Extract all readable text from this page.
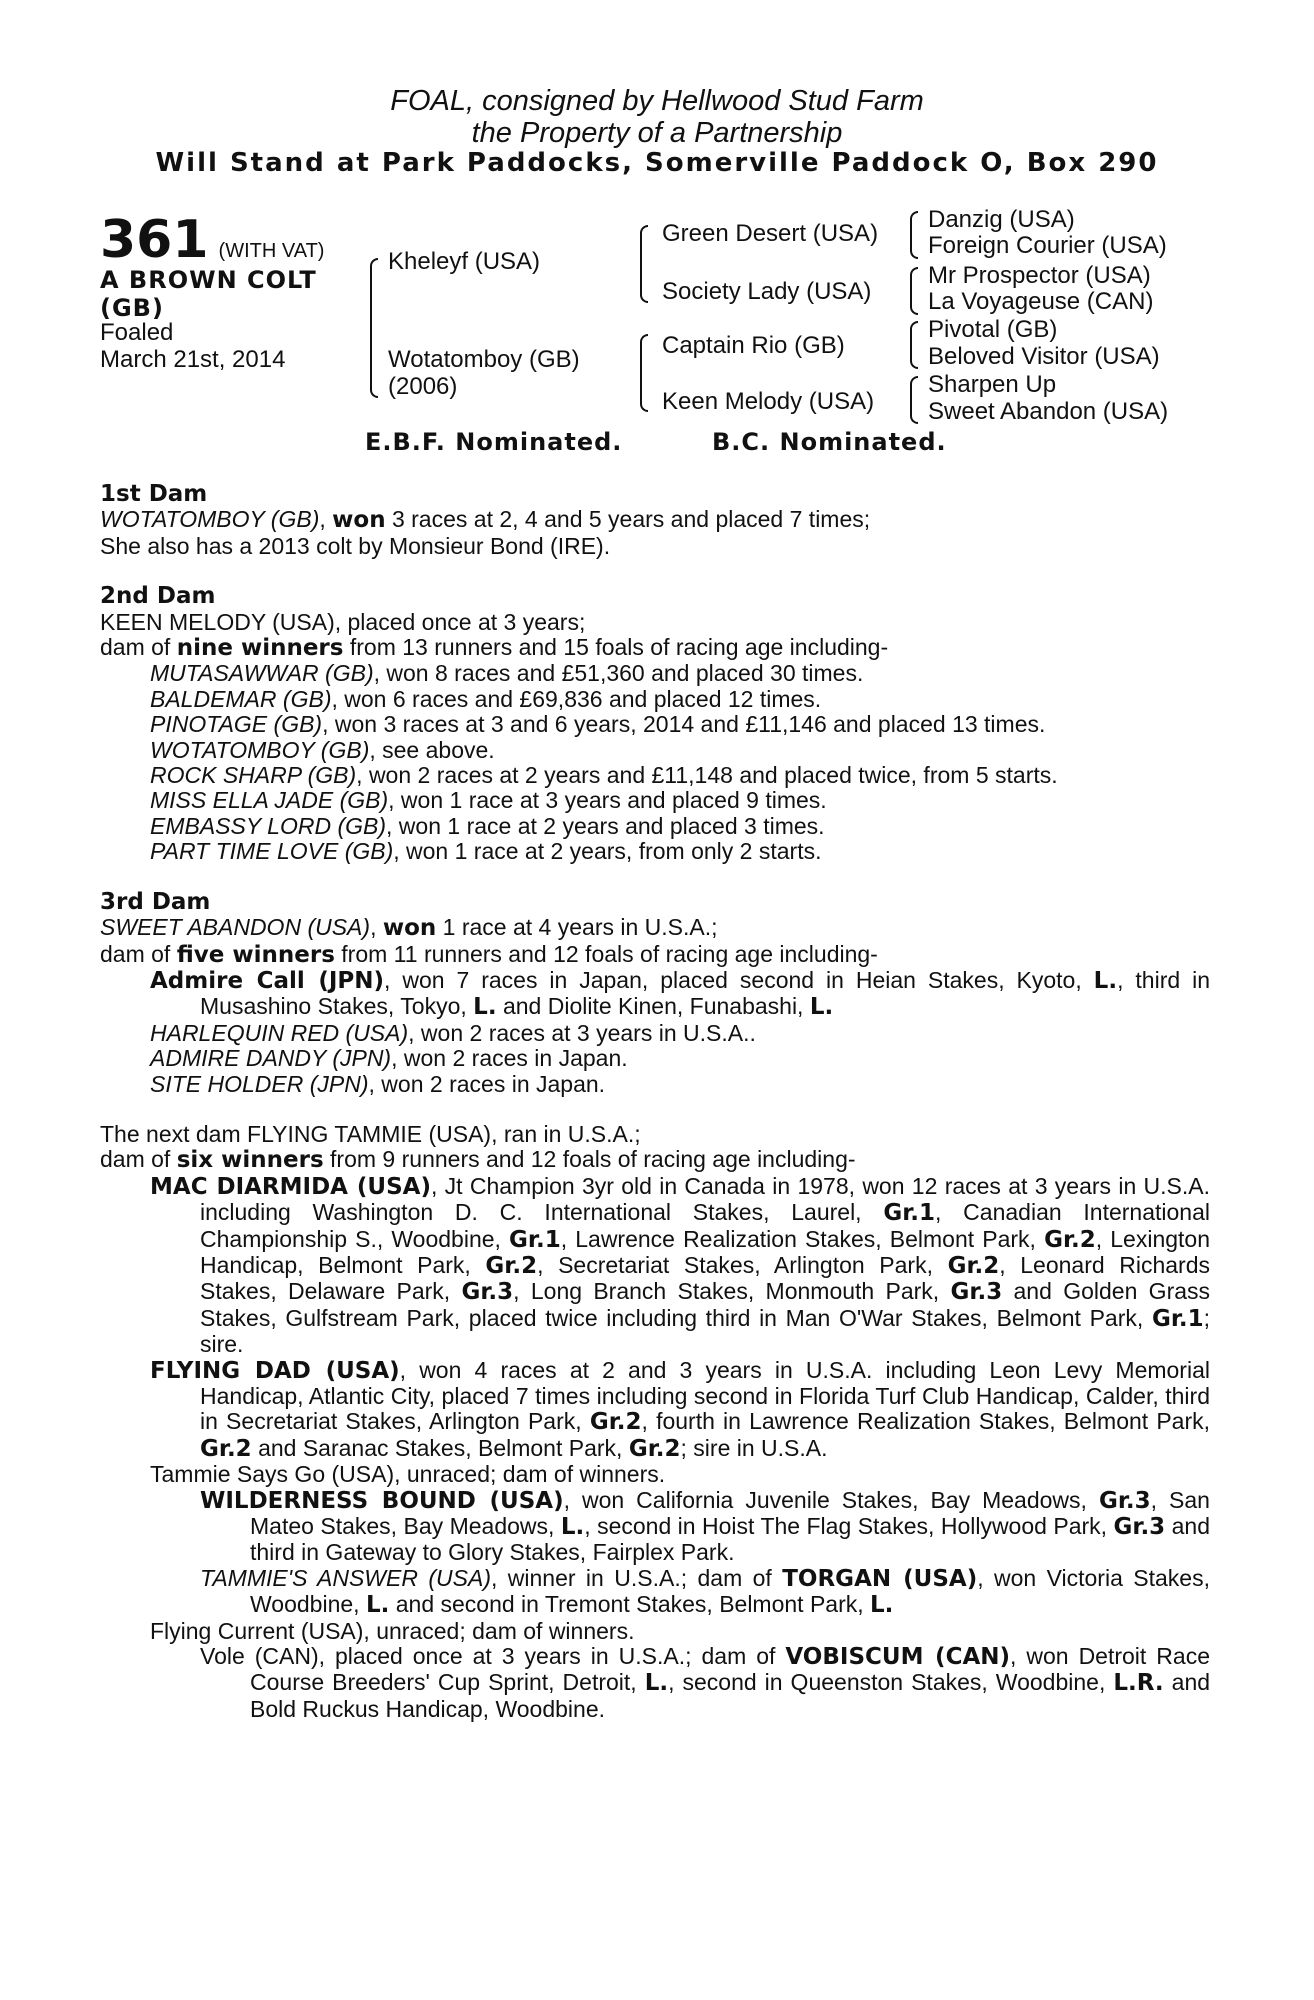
FOAL, consigned by Hellwood Stud Farm
the Property of a Partnership
Will Stand at Park Paddocks, Somerville Paddock O, Box 290
361 (WITH VAT)
A BROWN COLT
(GB)
Foaled
March 21st, 2014
Kheleyf (USA)
Wotatomboy (GB)
(2006)
Green Desert (USA)
Society Lady (USA)
Captain Rio (GB)
Keen Melody (USA)
Danzig (USA)
Foreign Courier (USA)
Mr Prospector (USA)
La Voyageuse (CAN)
Pivotal (GB)
Beloved Visitor (USA)
Sharpen Up
Sweet Abandon (USA)
E.B.F. Nominated.	B.C. Nominated.

1st Dam

WOTATOMBOY (GB), won 3 races at 2, 4 and 5 years and placed 7 times;

She also has a 2013 colt by Monsieur Bond (IRE).

2nd Dam

KEEN MELODY (USA), placed once at 3 years;

dam of nine winners from 13 runners and 15 foals of racing age including-

MUTASAWWAR (GB), won 8 races and £51,360 and placed 30 times.

BALDEMAR (GB), won 6 races and £69,836 and placed 12 times.

PINOTAGE (GB), won 3 races at 3 and 6 years, 2014 and £11,146 and placed 13 times.

WOTATOMBOY (GB), see above.

ROCK SHARP (GB), won 2 races at 2 years and £11,148 and placed twice, from 5 starts.

MISS ELLA JADE (GB), won 1 race at 3 years and placed 9 times.

EMBASSY LORD (GB), won 1 race at 2 years and placed 3 times.

PART TIME LOVE (GB), won 1 race at 2 years, from only 2 starts.

3rd Dam

SWEET ABANDON (USA), won 1 race at 4 years in U.S.A.;

dam of five winners from 11 runners and 12 foals of racing age including-

Admire Call (JPN), won 7 races in Japan, placed second in Heian Stakes, Kyoto, L., third in Musashino Stakes, Tokyo, L. and Diolite Kinen, Funabashi, L.

HARLEQUIN RED (USA), won 2 races at 3 years in U.S.A..

ADMIRE DANDY (JPN), won 2 races in Japan.

SITE HOLDER (JPN), won 2 races in Japan.

The next dam FLYING TAMMIE (USA), ran in U.S.A.;

dam of six winners from 9 runners and 12 foals of racing age including-

MAC DIARMIDA (USA), Jt Champion 3yr old in Canada in 1978, won 12 races at 3 years in U.S.A. including Washington D. C. International Stakes, Laurel, Gr.1, Canadian International Championship S., Woodbine, Gr.1, Lawrence Realization Stakes, Belmont Park, Gr.2, Lexington Handicap, Belmont Park, Gr.2, Secretariat Stakes, Arlington Park, Gr.2, Leonard Richards Stakes, Delaware Park, Gr.3, Long Branch Stakes, Monmouth Park, Gr.3 and Golden Grass Stakes, Gulfstream Park, placed twice including third in Man O'War Stakes, Belmont Park, Gr.1; sire.

FLYING DAD (USA), won 4 races at 2 and 3 years in U.S.A. including Leon Levy Memorial Handicap, Atlantic City, placed 7 times including second in Florida Turf Club Handicap, Calder, third in Secretariat Stakes, Arlington Park, Gr.2, fourth in Lawrence Realization Stakes, Belmont Park, Gr.2 and Saranac Stakes, Belmont Park, Gr.2; sire in U.S.A.

Tammie Says Go (USA), unraced; dam of winners.

WILDERNESS BOUND (USA), won California Juvenile Stakes, Bay Meadows, Gr.3, San Mateo Stakes, Bay Meadows, L., second in Hoist The Flag Stakes, Hollywood Park, Gr.3 and third in Gateway to Glory Stakes, Fairplex Park.

TAMMIE'S ANSWER (USA), winner in U.S.A.; dam of TORGAN (USA), won Victoria Stakes, Woodbine, L. and second in Tremont Stakes, Belmont Park, L.

Flying Current (USA), unraced; dam of winners.

Vole (CAN), placed once at 3 years in U.S.A.; dam of VOBISCUM (CAN), won Detroit Race Course Breeders' Cup Sprint, Detroit, L., second in Queenston Stakes, Woodbine, L.R. and Bold Ruckus Handicap, Woodbine.
